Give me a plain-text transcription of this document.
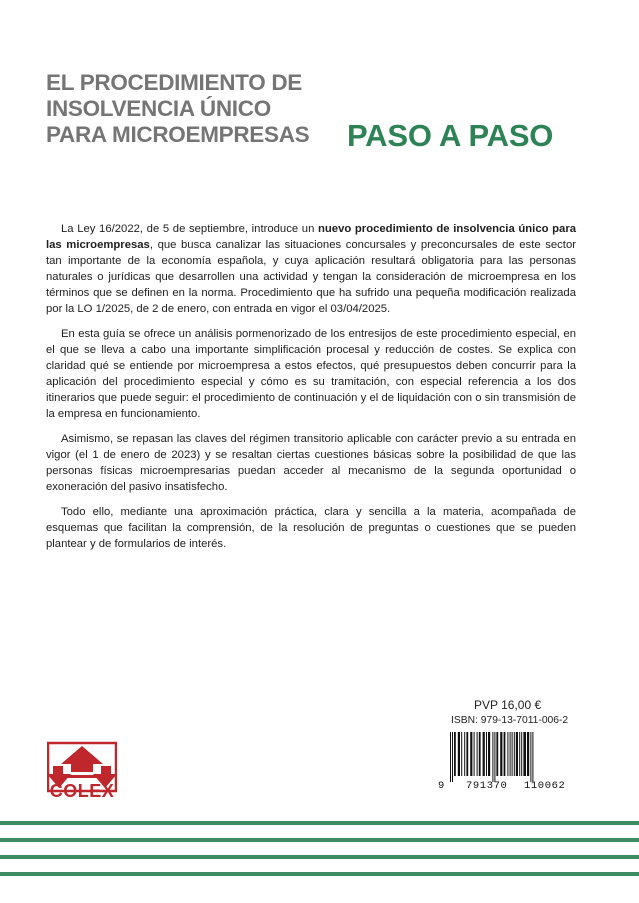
EL PROCEDIMIENTO DE
INSOLVENCIA ÚNICO
PARA MICROEMPRESAS	PASO A PASO

La Ley 16/2022, de 5 de septiembre, introduce un nuevo procedimiento de insolvencia único para las microempresas, que busca canalizar las situaciones concursales y preconcursales de este sector tan importante de la economía española, y cuya aplicación resultará obligatoria para las personas naturales o jurídicas que desarrollen una actividad y tengan la consideración de microempresa en los términos que se definen en la norma. Procedimiento que ha sufrido una pequeña modificación realizada por la LO 1/2025, de 2 de enero, con entrada en vigor el 03/04/2025.

En esta guía se ofrece un análisis pormenorizado de los entresijos de este procedimiento especial, en el que se lleva a cabo una importante simplificación procesal y reducción de costes. Se explica con claridad qué se entiende por microempresa a estos efectos, qué presupuestos deben concurrir para la aplicación del procedimiento especial y cómo es su tramitación, con especial referencia a los dos itinerarios que puede seguir: el procedimiento de continuación y el de liquidación con o sin transmisión de la empresa en funcionamiento.

Asimismo, se repasan las claves del régimen transitorio aplicable con carácter previo a su entrada en vigor (el 1 de enero de 2023) y se resaltan ciertas cuestiones básicas sobre la posibilidad de que las personas físicas microempresarias puedan acceder al mecanismo de la segunda oportunidad o exoneración del pasivo insatisfecho.

Todo ello, mediante una aproximación práctica, clara y sencilla a la materia, acompañada de esquemas que facilitan la comprensión, de la resolución de preguntas o cuestiones que se pueden plantear y de formularios de interés.

PVP 16,00 €
ISBN: 979-13-7011-006-2
9 791370 110062
COLEX
